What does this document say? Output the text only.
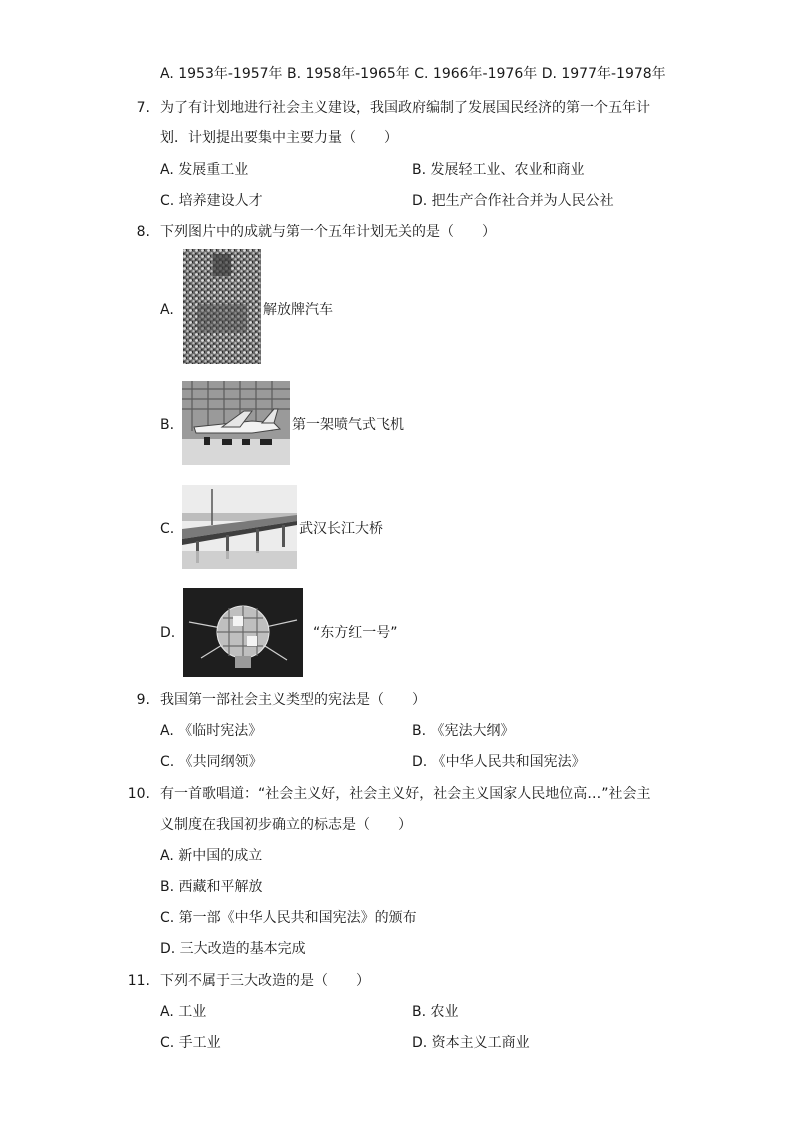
A. 1953年-1957年 B. 1958年-1965年 C. 1966年-1976年 D. 1977年-1978年
7. 为了有计划地进行社会主义建设，我国政府编制了发展国民经济的第一个五年计
划．计划提出要集中主要力量（　　）
A. 发展重工业	B. 发展轻工业、农业和商业
C. 培养建设人才	D. 把生产合作社合并为人民公社
8. 下列图片中的成就与第一个五年计划无关的是（　　）
A.	解放牌汽车
B.	第一架喷气式飞机
C.	武汉长江大桥
D.	“东方红一号”
9. 我国第一部社会主义类型的宪法是（　　）
A. 《临时宪法》	B. 《宪法大纲》
C. 《共同纲领》	D. 《中华人民共和国宪法》
10. 有一首歌唱道：“社会主义好，社会主义好，社会主义国家人民地位高…”社会主
义制度在我国初步确立的标志是（　　）
A. 新中国的成立
B. 西藏和平解放
C. 第一部《中华人民共和国宪法》的颁布
D. 三大改造的基本完成
11. 下列不属于三大改造的是（　　）
A. 工业	B. 农业
C. 手工业	D. 资本主义工商业
